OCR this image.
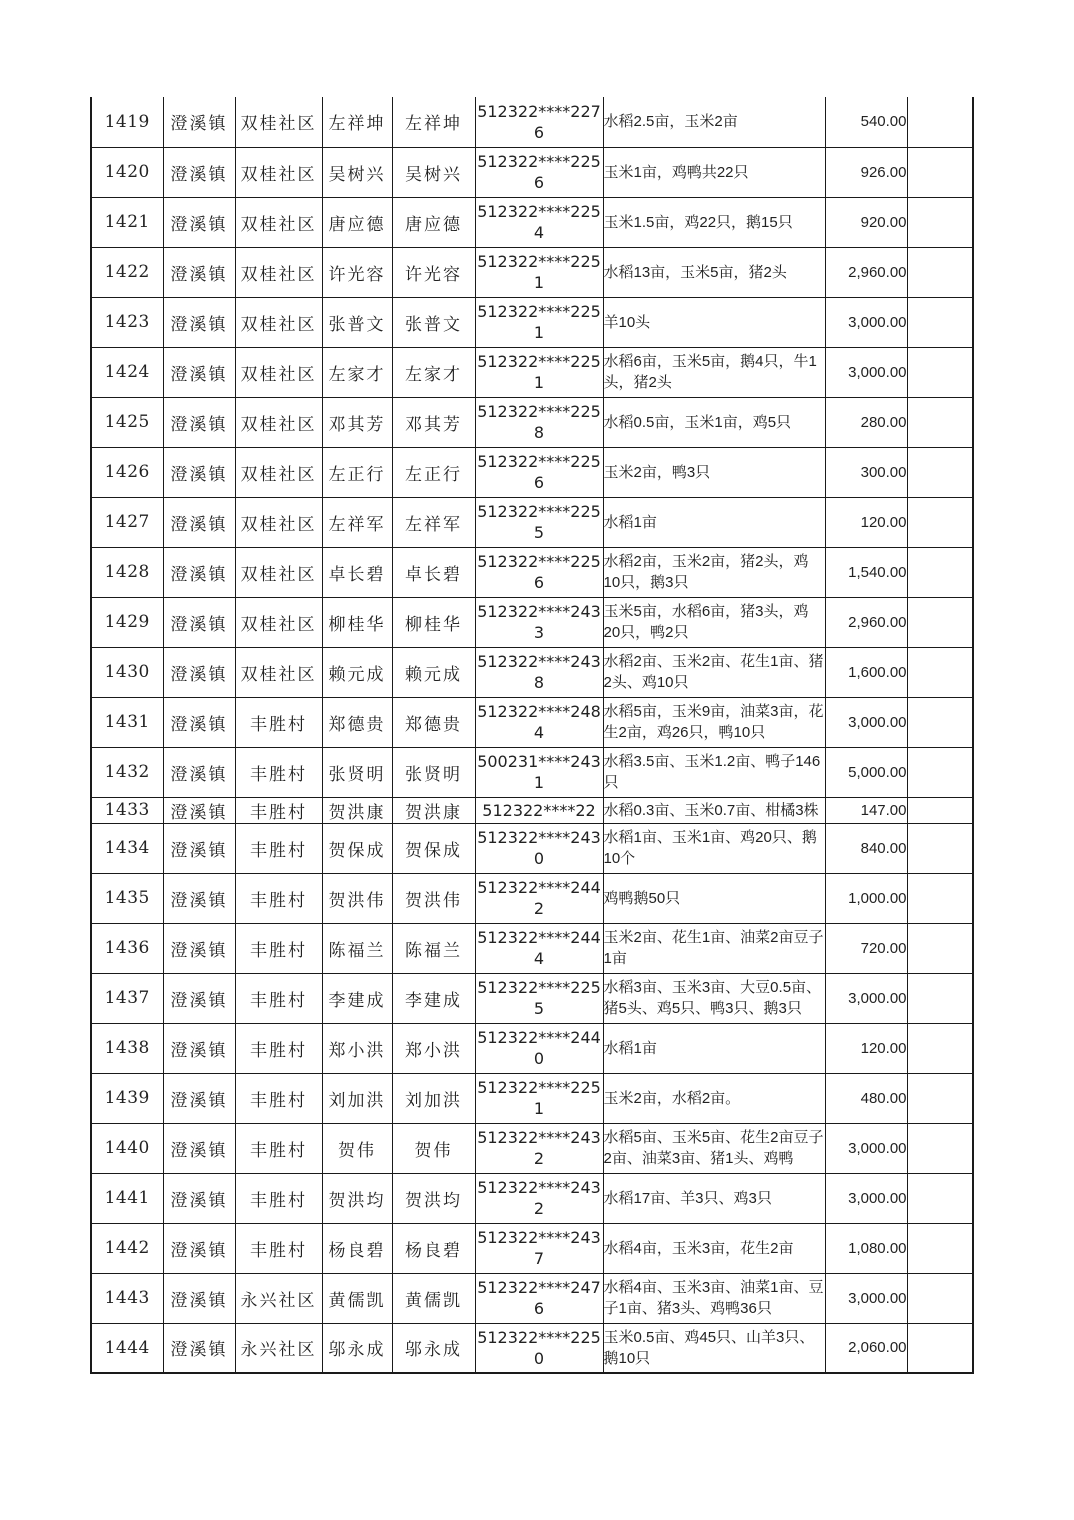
1419	澄溪镇	双桂社区	左祥坤	左祥坤	512322****2276	水稻2.5亩，玉米2亩	540.00	
1420	澄溪镇	双桂社区	吴树兴	吴树兴	512322****2256	玉米1亩，鸡鸭共22只	926.00	
1421	澄溪镇	双桂社区	唐应德	唐应德	512322****2254	玉米1.5亩，鸡22只，鹅15只	920.00	
1422	澄溪镇	双桂社区	许光容	许光容	512322****2251	水稻13亩，玉米5亩，猪2头	2,960.00	
1423	澄溪镇	双桂社区	张普文	张普文	512322****2251	羊10头	3,000.00	
1424	澄溪镇	双桂社区	左家才	左家才	512322****2251	水稻6亩，玉米5亩，鹅4只，牛1头，猪2头	3,000.00	
1425	澄溪镇	双桂社区	邓其芳	邓其芳	512322****2258	水稻0.5亩，玉米1亩，鸡5只	280.00	
1426	澄溪镇	双桂社区	左正行	左正行	512322****2256	玉米2亩，鸭3只	300.00	
1427	澄溪镇	双桂社区	左祥军	左祥军	512322****2255	水稻1亩	120.00	
1428	澄溪镇	双桂社区	卓长碧	卓长碧	512322****2256	水稻2亩，玉米2亩，猪2头，鸡10只，鹅3只	1,540.00	
1429	澄溪镇	双桂社区	柳桂华	柳桂华	512322****2433	玉米5亩，水稻6亩，猪3头，鸡20只，鸭2只	2,960.00	
1430	澄溪镇	双桂社区	赖元成	赖元成	512322****2438	水稻2亩、玉米2亩、花生1亩、猪2头、鸡10只	1,600.00	
1431	澄溪镇	丰胜村	郑德贵	郑德贵	512322****2484	水稻5亩，玉米9亩，油菜3亩，花生2亩，鸡26只，鸭10只	3,000.00	
1432	澄溪镇	丰胜村	张贤明	张贤明	500231****2431	水稻3.5亩、玉米1.2亩、鸭子146只	5,000.00	
1433	澄溪镇	丰胜村	贺洪康	贺洪康	512322****22	水稻0.3亩、玉米0.7亩、柑橘3株	147.00	
1434	澄溪镇	丰胜村	贺保成	贺保成	512322****2430	水稻1亩、玉米1亩、鸡20只、鹅10个	840.00	
1435	澄溪镇	丰胜村	贺洪伟	贺洪伟	512322****2442	鸡鸭鹅50只	1,000.00	
1436	澄溪镇	丰胜村	陈福兰	陈福兰	512322****2444	玉米2亩、花生1亩、油菜2亩豆子1亩	720.00	
1437	澄溪镇	丰胜村	李建成	李建成	512322****2255	水稻3亩、玉米3亩、大豆0.5亩、猪5头、鸡5只、鸭3只、鹅3只	3,000.00	
1438	澄溪镇	丰胜村	郑小洪	郑小洪	512322****2440	水稻1亩	120.00	
1439	澄溪镇	丰胜村	刘加洪	刘加洪	512322****2251	玉米2亩，水稻2亩。	480.00	
1440	澄溪镇	丰胜村	贺伟	贺伟	512322****2432	水稻5亩、玉米5亩、花生2亩豆子2亩、油菜3亩、猪1头、鸡鸭	3,000.00	
1441	澄溪镇	丰胜村	贺洪均	贺洪均	512322****2432	水稻17亩、羊3只、鸡3只	3,000.00	
1442	澄溪镇	丰胜村	杨良碧	杨良碧	512322****2437	水稻4亩，玉米3亩，花生2亩	1,080.00	
1443	澄溪镇	永兴社区	黄儒凯	黄儒凯	512322****2476	水稻4亩、玉米3亩、油菜1亩、豆子1亩、猪3头、鸡鸭36只	3,000.00	
1444	澄溪镇	永兴社区	邬永成	邬永成	512322****2250	玉米0.5亩、鸡45只、山羊3只、鹅10只	2,060.00	
